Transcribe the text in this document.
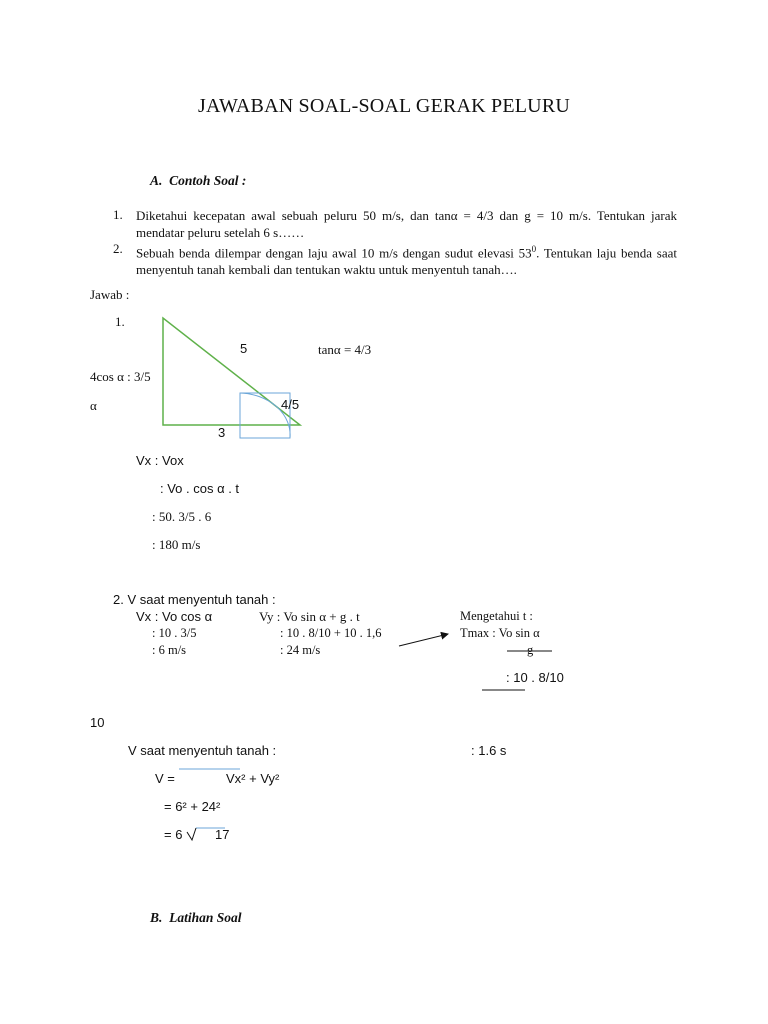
JAWABAN SOAL-SOAL GERAK PELURU
A. Contoh Soal :
1. Diketahui kecepatan awal sebuah peluru 50 m/s, dan tanα = 4/3 dan g = 10 m/s. Tentukan jarak mendatar peluru setelah 6 s……
2. Sebuah benda dilempar dengan laju awal 10 m/s dengan sudut elevasi $53^0$. Tentukan laju benda saat menyentuh tanah kembali dan tentukan waktu untuk menyentuh tanah….
Jawab :
1.
5	tanα = 4/3
4cos α : 3/5
α	4/5
3
Vx : Vox
: Vo . cos α . t
: 50. 3/5 . 6
: 180 m/s
2. V saat menyentuh tanah :
Vx : Vo cos α
: 10 . 3/5
: 6 m/s
Vy : Vo sin α + g . t
: 10 . 8/10 + 10 . 1,6
: 24 m/s
Mengetahui t :
Tmax : Vo sin α
g
: 10 . 8/10
10
V saat menyentuh tanah :	: 1.6 s
V =	Vx² + Vy²
= 6² + 24²
= 6	17
B. Latihan Soal
